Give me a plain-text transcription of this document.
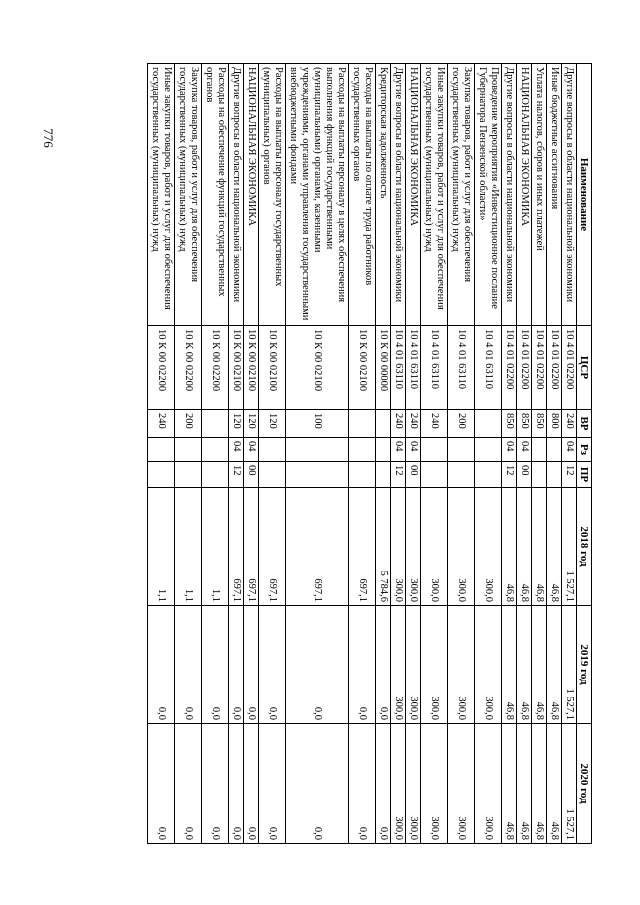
776
Наименование	ЦСР	ВР	Рз	ПР	2018 год	2019 год	2020 год
Другие вопросы в области национальной экономики	10 4 01 02200	240	04	12	1 527,1	1 527,1	1 527,1
Иные бюджетные ассигнования	10 4 01 02200	800			46,8	46,8	46,8
Уплата налогов, сборов и иных платежей	10 4 01 02200	850			46,8	46,8	46,8
НАЦИОНАЛЬНАЯ ЭКОНОМИКА	10 4 01 02200	850	04	00	46,8	46,8	46,8
Другие вопросы в области национальной экономики	10 4 01 02200	850	04	12	46,8	46,8	46,8
Проведение мероприятия «Инвестиционное послание Губернатора Пензенской области»	10 4 01 63110				300,0	300,0	300,0
Закупка товаров, работ и услуг для обеспечения государственных (муниципальных) нужд	10 4 01 63110	200			300,0	300,0	300,0
Иные закупки товаров, работ и услуг для обеспечения государственных (муниципальных) нужд	10 4 01 63110	240			300,0	300,0	300,0
НАЦИОНАЛЬНАЯ ЭКОНОМИКА	10 4 01 63110	240	04	00	300,0	300,0	300,0
Другие вопросы в области национальной экономики	10 4 01 63110	240	04	12	300,0	300,0	300,0
Кредиторская задолженность	10 К 00 00000				5 784,6	0,0	0,0
Расходы на выплаты по оплате труда работников государственных органов	10 К 00 02100				697,1	0,0	0,0
Расходы на выплаты персоналу в целях обеспечения выполнения функций государственными (муниципальными) органами, казенными учреждениями, органами управления государственными внебюджетными фондами	10 К 00 02100	100			697,1	0,0	0,0
Расходы на выплаты персоналу государственных (муниципальных) органов	10 К 00 02100	120			697,1	0,0	0,0
НАЦИОНАЛЬНАЯ ЭКОНОМИКА	10 К 00 02100	120	04	00	697,1	0,0	0,0
Другие вопросы в области национальной экономики	10 К 00 02100	120	04	12	697,1	0,0	0,0
Расходы на обеспечение функций государственных органов	10 К 00 02200				1,1	0,0	0,0
Закупка товаров, работ и услуг для обеспечения государственных (муниципальных) нужд	10 К 00 02200	200			1,1	0,0	0,0
Иные закупки товаров, работ и услуг для обеспечения государственных (муниципальных) нужд	10 К 00 02200	240			1,1	0,0	0,0
